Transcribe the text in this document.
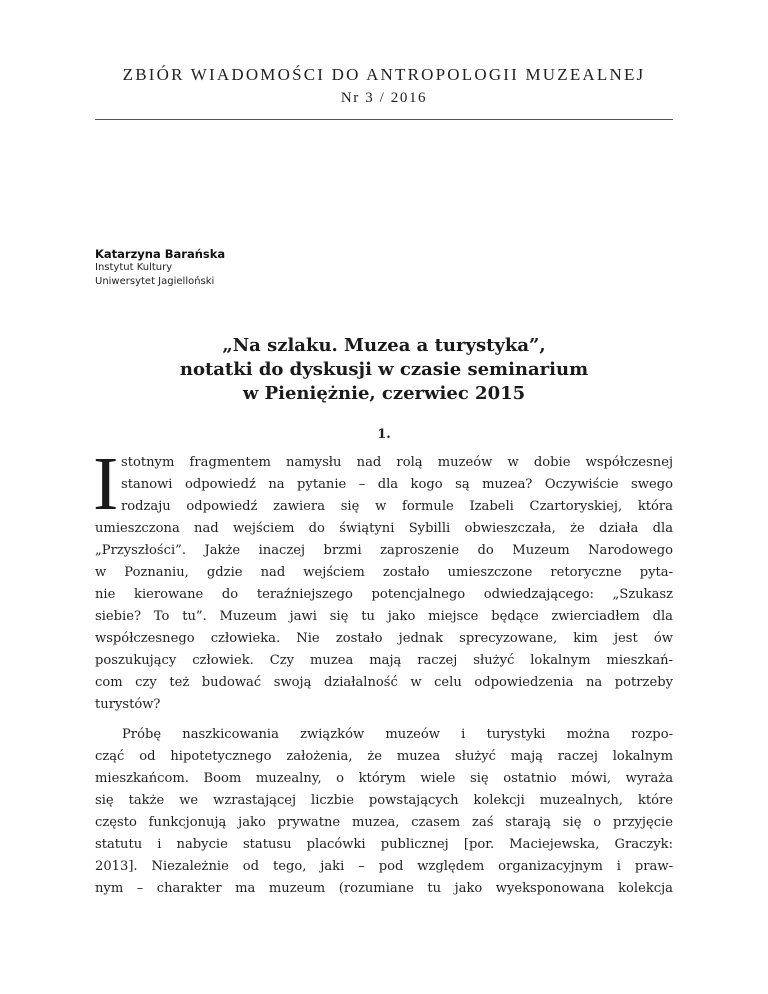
ZBIÓR WIADOMOŚCI DO ANTROPOLOGII MUZEALNEJ
Nr 3 / 2016
Katarzyna Barańska
Instytut Kultury
Uniwersytet Jagielloński
„Na szlaku. Muzea a turystyka”,
notatki do dyskusji w czasie seminarium
w Pieniężnie, czerwiec 2015
1.
I stotnym fragmentem namysłu nad rolą muzeów w dobie współczesnej
stanowi odpowiedź na pytanie – dla kogo są muzea? Oczywiście swego
rodzaju odpowiedź zawiera się w formule Izabeli Czartoryskiej, która
umieszczona nad wejściem do świątyni Sybilli obwieszczała, że działa dla
„Przyszłości”. Jakże inaczej brzmi zaproszenie do Muzeum Narodowego
w Poznaniu, gdzie nad wejściem zostało umieszczone retoryczne pyta-
nie kierowane do teraźniejszego potencjalnego odwiedzającego: „Szukasz
siebie? To tu”. Muzeum jawi się tu jako miejsce będące zwierciadłem dla
współczesnego człowieka. Nie zostało jednak sprecyzowane, kim jest ów
poszukujący człowiek. Czy muzea mają raczej służyć lokalnym mieszkań-
com czy też budować swoją działalność w celu odpowiedzenia na potrzeby
turystów?
Próbę naszkicowania związków muzeów i turystyki można rozpo-
cząć od hipotetycznego założenia, że muzea służyć mają raczej lokalnym
mieszkańcom. Boom muzealny, o którym wiele się ostatnio mówi, wyraża
się także we wzrastającej liczbie powstających kolekcji muzealnych, które
często funkcjonują jako prywatne muzea, czasem zaś starają się o przyjęcie
statutu i nabycie statusu placówki publicznej [por. Maciejewska, Graczyk:
2013]. Niezależnie od tego, jaki – pod względem organizacyjnym i praw-
nym – charakter ma muzeum (rozumiane tu jako wyeksponowana kolekcja
